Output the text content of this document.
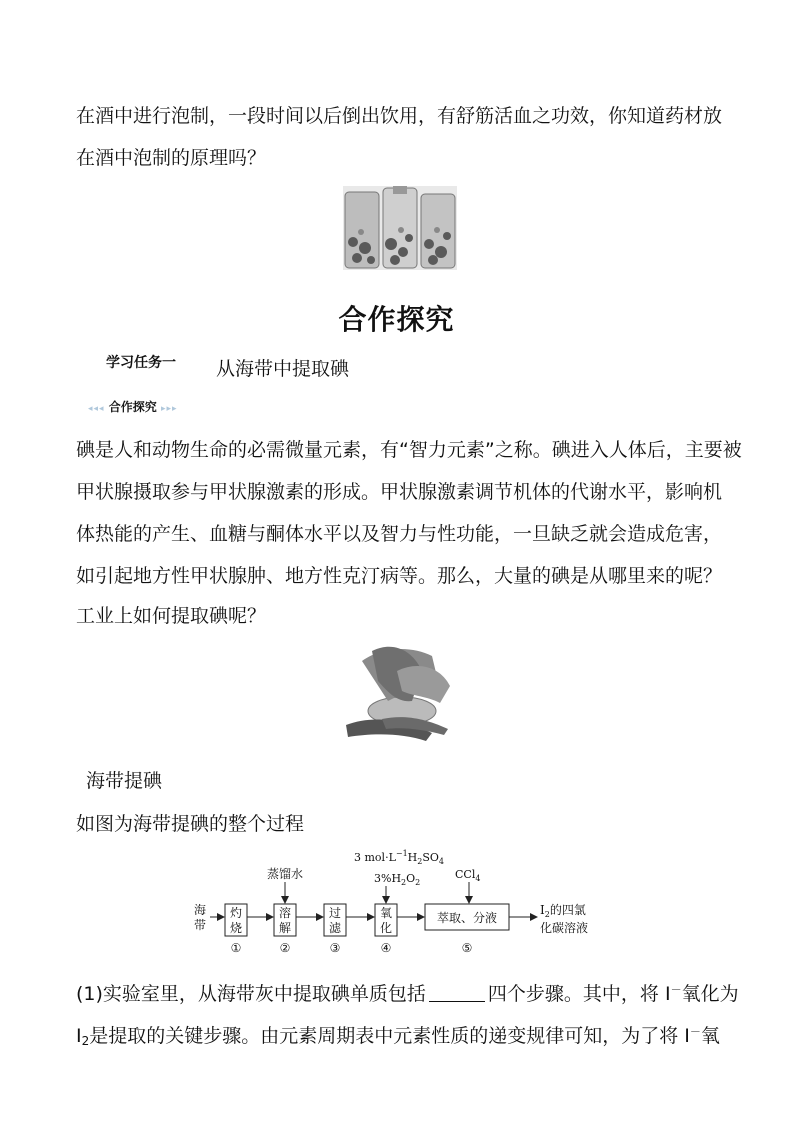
在酒中进行泡制，一段时间以后倒出饮用，有舒筋活血之功效，你知道药材放
在酒中泡制的原理吗？
合作探究
学习任务一 从海带中提取碘
◂◂◂ 合作探究 ▸▸▸
碘是人和动物生命的必需微量元素，有“智力元素”之称。碘进入人体后，主要被
甲状腺摄取参与甲状腺激素的形成。甲状腺激素调节机体的代谢水平，影响机
体热能的产生、血糖与酮体水平以及智力与性功能，一旦缺乏就会造成危害，
如引起地方性甲状腺肿、地方性克汀病等。那么，大量的碘是从哪里来的呢？
工业上如何提取碘呢？
海带提碘
如图为海带提碘的整个过程
海
带
灼
烧
①
蒸馏水
溶
解
②
过
滤
③
3 $mol\cdot L^{-1}H_2SO_4$
$3\%H_2O_2$
氧
化
④
CCl$_4$
萃取、分液
⑤
$I_2$的四氯
化碳溶液
(1)实验室里，从海带灰中提取碘单质包括	四个步骤。其中，将 I－氧化为
$I_2$是提取的关键步骤。由元素周期表中元素性质的递变规律可知，为了将 I－氧
